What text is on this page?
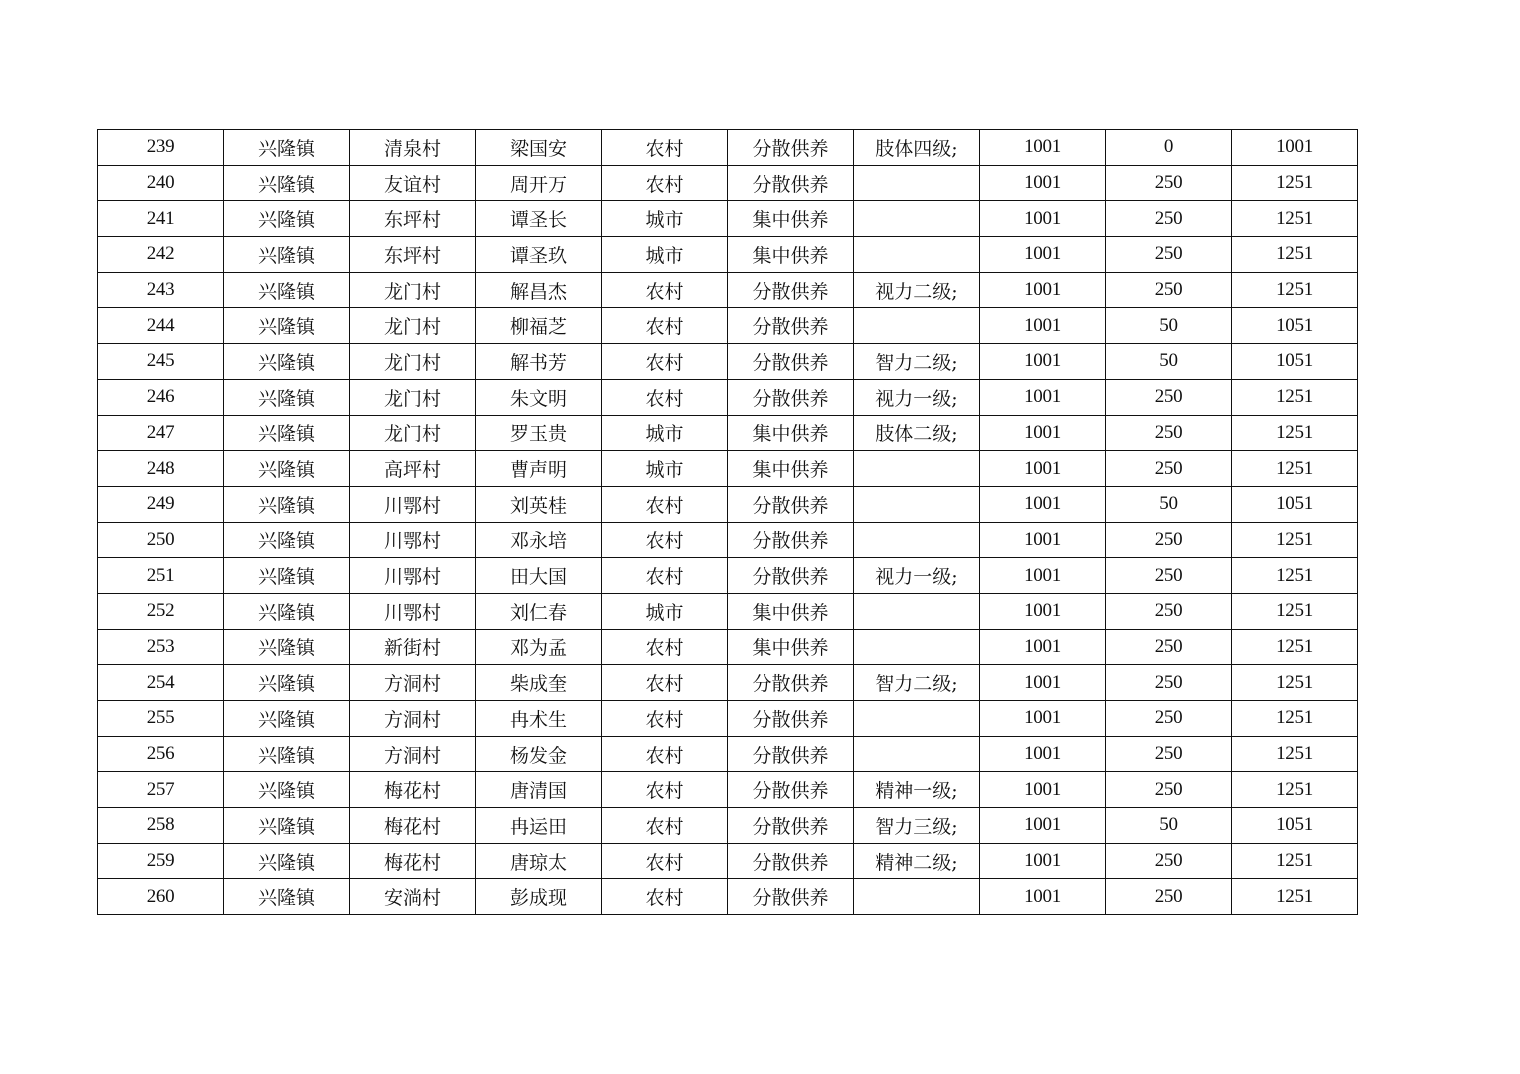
239	兴隆镇	清泉村	梁国安	农村	分散供养	肢体四级;	1001	0	1001
240	兴隆镇	友谊村	周开万	农村	分散供养		1001	250	1251
241	兴隆镇	东坪村	谭圣长	城市	集中供养		1001	250	1251
242	兴隆镇	东坪村	谭圣玖	城市	集中供养		1001	250	1251
243	兴隆镇	龙门村	解昌杰	农村	分散供养	视力二级;	1001	250	1251
244	兴隆镇	龙门村	柳福芝	农村	分散供养		1001	50	1051
245	兴隆镇	龙门村	解书芳	农村	分散供养	智力二级;	1001	50	1051
246	兴隆镇	龙门村	朱文明	农村	分散供养	视力一级;	1001	250	1251
247	兴隆镇	龙门村	罗玉贵	城市	集中供养	肢体二级;	1001	250	1251
248	兴隆镇	高坪村	曹声明	城市	集中供养		1001	250	1251
249	兴隆镇	川鄂村	刘英桂	农村	分散供养		1001	50	1051
250	兴隆镇	川鄂村	邓永培	农村	分散供养		1001	250	1251
251	兴隆镇	川鄂村	田大国	农村	分散供养	视力一级;	1001	250	1251
252	兴隆镇	川鄂村	刘仁春	城市	集中供养		1001	250	1251
253	兴隆镇	新街村	邓为孟	农村	集中供养		1001	250	1251
254	兴隆镇	方洞村	柴成奎	农村	分散供养	智力二级;	1001	250	1251
255	兴隆镇	方洞村	冉术生	农村	分散供养		1001	250	1251
256	兴隆镇	方洞村	杨发金	农村	分散供养		1001	250	1251
257	兴隆镇	梅花村	唐清国	农村	分散供养	精神一级;	1001	250	1251
258	兴隆镇	梅花村	冉运田	农村	分散供养	智力三级;	1001	50	1051
259	兴隆镇	梅花村	唐琼太	农村	分散供养	精神二级;	1001	250	1251
260	兴隆镇	安淌村	彭成现	农村	分散供养		1001	250	1251
